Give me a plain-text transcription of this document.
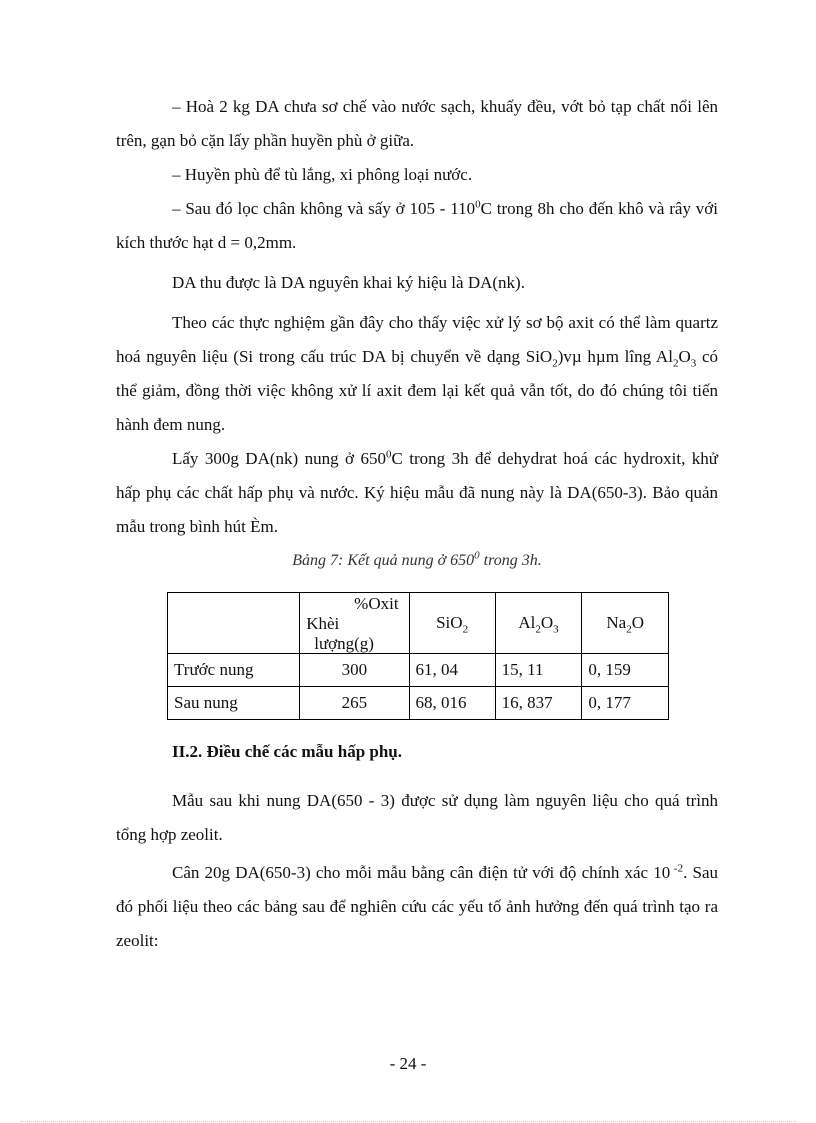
– Hoà 2 kg DA chưa sơ chế vào nước sạch, khuấy đều, vớt bỏ tạp chất nổi lên trên, gạn bỏ cặn lấy phần huyền phù ở giữa.

– Huyền phù để tù lắng, xi phông loại nước.

– Sau đó lọc chân không và sấy ở $105 - 110^0C$ trong 8h cho đến khô và rây với kích thước hạt d = 0,2mm.

DA thu được là DA nguyên khai ký hiệu là DA(nk).

Theo các thực nghiệm gần đây cho thấy việc xử lý sơ bộ axit có thể làm quartz hoá nguyên liệu (Si trong cấu trúc DA bị chuyển về dạng SiO$_2$)vµ hµm lîng $Al_2O_3$ có thể giảm, đồng thời việc không xử lí axit đem lại kết quả vẫn tốt, do đó chúng tôi tiến hành đem nung.

Lấy 300g DA(nk) nung ở $650^0C$ trong 3h để dehydrat hoá các hydroxit, khử hấp phụ các chất hấp phụ và nước. Ký hiệu mẫu đã nung này là DA(650-3). Bảo quản mẫu trong bình hút Èm.

Bảng 7: Kết quả nung ở $650^0$ trong 3h.

	%Oxit
Khèi
lượng(g)	SiO$_2$	$Al_2O_3$	$Na_2O$
Trước nung	300	61, 04	15, 11	0, 159
Sau nung	265	68, 016	16, 837	0, 177
II.2. Điều chế các mẫu hấp phụ.

Mẫu sau khi nung DA(650 - 3) được sử dụng làm nguyên liệu cho quá trình tổng hợp zeolit.

Cân 20g DA(650-3) cho mỗi mẫu bằng cân điện tử với độ chính xác 10 $^{-2}$. Sau đó phối liệu theo các bảng sau để nghiên cứu các yếu tố ảnh hưởng đến quá trình tạo ra zeolit:

- 24 -
